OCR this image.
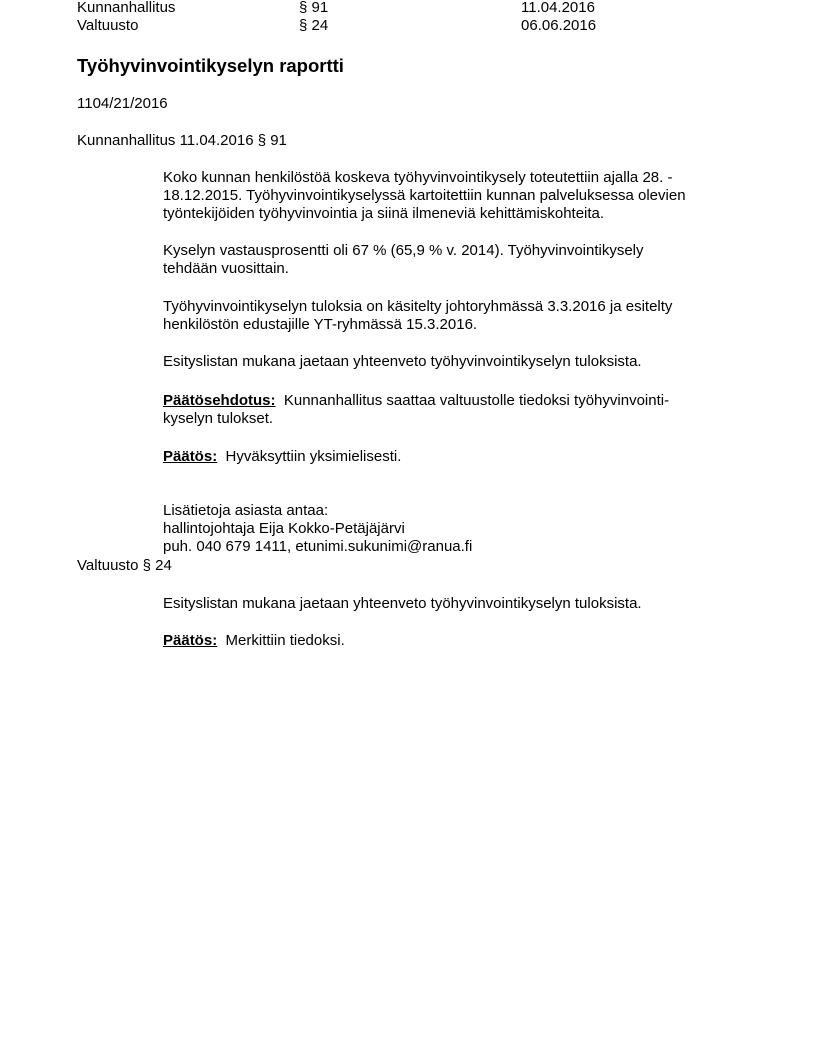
Kunnanhallitus	§ 91	11.04.2016
Valtuusto	§ 24	06.06.2016
Työhyvinvointikyselyn raportti
1104/21/2016
Kunnanhallitus 11.04.2016 § 91
Koko kunnan henkilöstöä koskeva työhyvinvointikysely toteutettiin ajalla 28. -
18.12.2015. Työhyvinvointikyselyssä kartoitettiin kunnan palveluksessa olevien
työntekijöiden työhyvinvointia ja siinä ilmeneviä kehittämiskohteita.
Kyselyn vastausprosentti oli 67 % (65,9 % v. 2014). Työhyvinvointikysely
tehdään vuosittain.
Työhyvinvointikyselyn tuloksia on käsitelty johtoryhmässä 3.3.2016 ja esitelty
henkilöstön edustajille YT-ryhmässä 15.3.2016.
Esityslistan mukana jaetaan yhteenveto työhyvinvointikyselyn tuloksista.
Päätösehdotus: Kunnanhallitus saattaa valtuustolle tiedoksi työhyvinvointi-
kyselyn tulokset.
Päätös: Hyväksyttiin yksimielisesti.
Lisätietoja asiasta antaa:
hallintojohtaja Eija Kokko-Petäjäjärvi
puh. 040 679 1411, etunimi.sukunimi@ranua.fi
Valtuusto § 24
Esityslistan mukana jaetaan yhteenveto työhyvinvointikyselyn tuloksista.
Päätös: Merkittiin tiedoksi.
